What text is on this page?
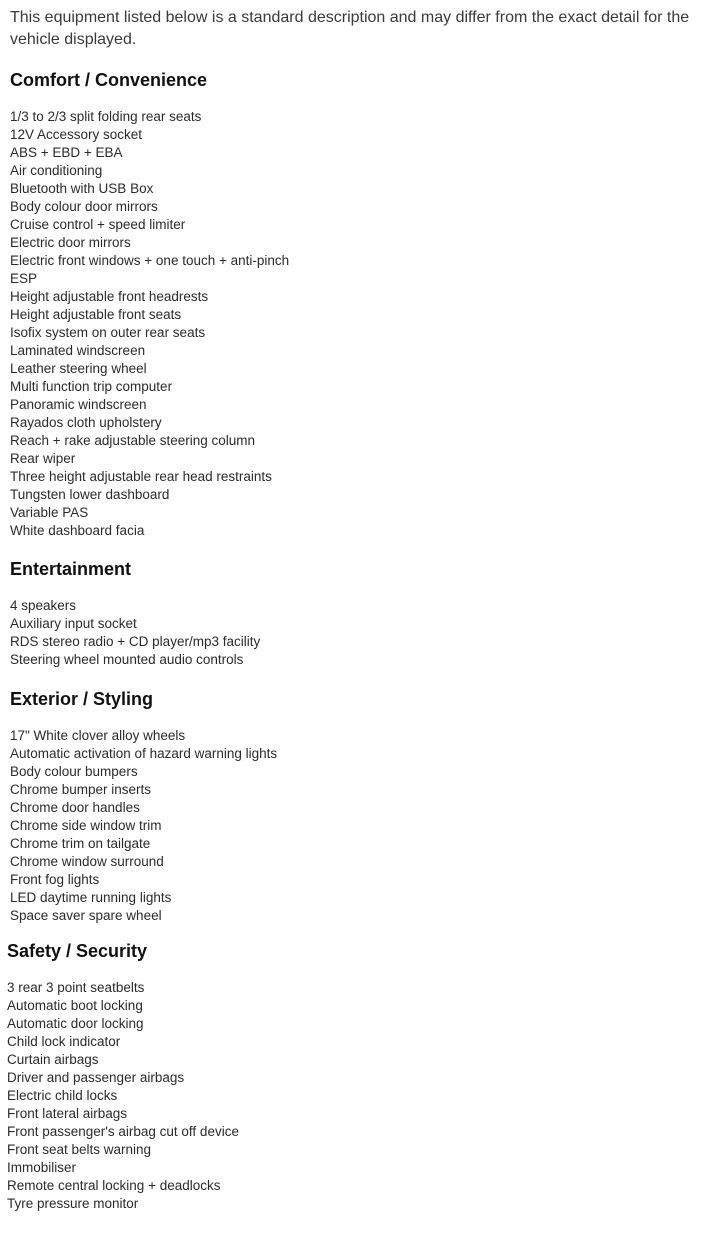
This equipment listed below is a standard description and may differ from the exact detail for the vehicle displayed.

Comfort / Convenience
1/3 to 2/3 split folding rear seats
12V Accessory socket
ABS + EBD + EBA
Air conditioning
Bluetooth with USB Box
Body colour door mirrors
Cruise control + speed limiter
Electric door mirrors
Electric front windows + one touch + anti-pinch
ESP
Height adjustable front headrests
Height adjustable front seats
Isofix system on outer rear seats
Laminated windscreen
Leather steering wheel
Multi function trip computer
Panoramic windscreen
Rayados cloth upholstery
Reach + rake adjustable steering column
Rear wiper
Three height adjustable rear head restraints
Tungsten lower dashboard
Variable PAS
White dashboard facia
Entertainment
4 speakers
Auxiliary input socket
RDS stereo radio + CD player/mp3 facility
Steering wheel mounted audio controls
Exterior / Styling
17" White clover alloy wheels
Automatic activation of hazard warning lights
Body colour bumpers
Chrome bumper inserts
Chrome door handles
Chrome side window trim
Chrome trim on tailgate
Chrome window surround
Front fog lights
LED daytime running lights
Space saver spare wheel
Safety / Security
3 rear 3 point seatbelts
Automatic boot locking
Automatic door locking
Child lock indicator
Curtain airbags
Driver and passenger airbags
Electric child locks
Front lateral airbags
Front passenger's airbag cut off device
Front seat belts warning
Immobiliser
Remote central locking + deadlocks
Tyre pressure monitor
